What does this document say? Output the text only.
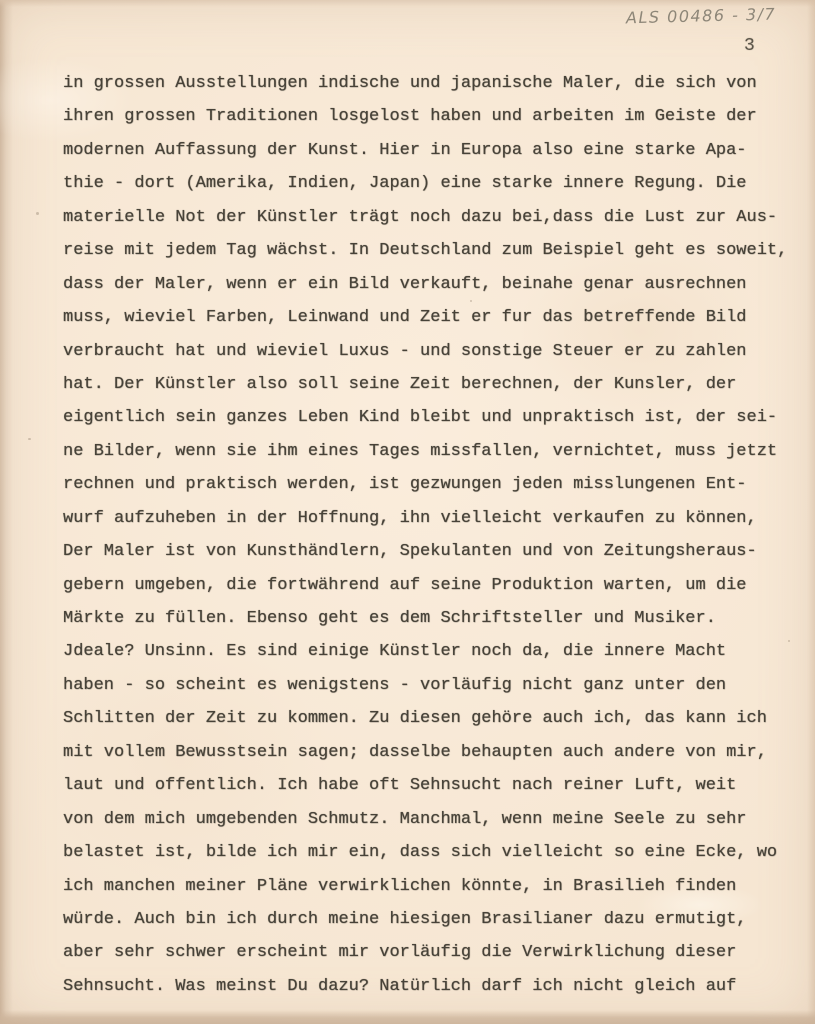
ALS 00486 - 3/7
3
in grossen Ausstellungen indische und japanische Maler, die sich von
ihren grossen Traditionen losgelost haben und arbeiten im Geiste der
modernen Auffassung der Kunst. Hier in Europa also eine starke Apa-
thie - dort (Amerika, Indien, Japan) eine starke innere Regung. Die
materielle Not der Künstler trägt noch dazu bei,dass die Lust zur Aus-
reise mit jedem Tag wächst. In Deutschland zum Beispiel geht es soweit,
dass der Maler, wenn er ein Bild verkauft, beinahe genar ausrechnen
muss, wieviel Farben, Leinwand und Zeit er fur das betreffende Bild
verbraucht hat und wieviel Luxus - und sonstige Steuer er zu zahlen
hat. Der Künstler also soll seine Zeit berechnen, der Kunsler, der
eigentlich sein ganzes Leben Kind bleibt und unpraktisch ist, der sei-
ne Bilder, wenn sie ihm eines Tages missfallen, vernichtet, muss jetzt
rechnen und praktisch werden, ist gezwungen jeden misslungenen Ent-
wurf aufzuheben in der Hoffnung, ihn vielleicht verkaufen zu können,
Der Maler ist von Kunsthändlern, Spekulanten und von Zeitungsheraus-
gebern umgeben, die fortwährend auf seine Produktion warten, um die
Märkte zu füllen. Ebenso geht es dem Schriftsteller und Musiker.
Jdeale? Unsinn. Es sind einige Künstler noch da, die innere Macht
haben - so scheint es wenigstens - vorläufig nicht ganz unter den
Schlitten der Zeit zu kommen. Zu diesen gehöre auch ich, das kann ich
mit vollem Bewusstsein sagen; dasselbe behaupten auch andere von mir,
laut und offentlich. Ich habe oft Sehnsucht nach reiner Luft, weit
von dem mich umgebenden Schmutz. Manchmal, wenn meine Seele zu sehr
belastet ist, bilde ich mir ein, dass sich vielleicht so eine Ecke, wo
ich manchen meiner Pläne verwirklichen könnte, in Brasilieh finden
würde. Auch bin ich durch meine hiesigen Brasilianer dazu ermutigt,
aber sehr schwer erscheint mir vorläufig die Verwirklichung dieser
Sehnsucht. Was meinst Du dazu? Natürlich darf ich nicht gleich auf
